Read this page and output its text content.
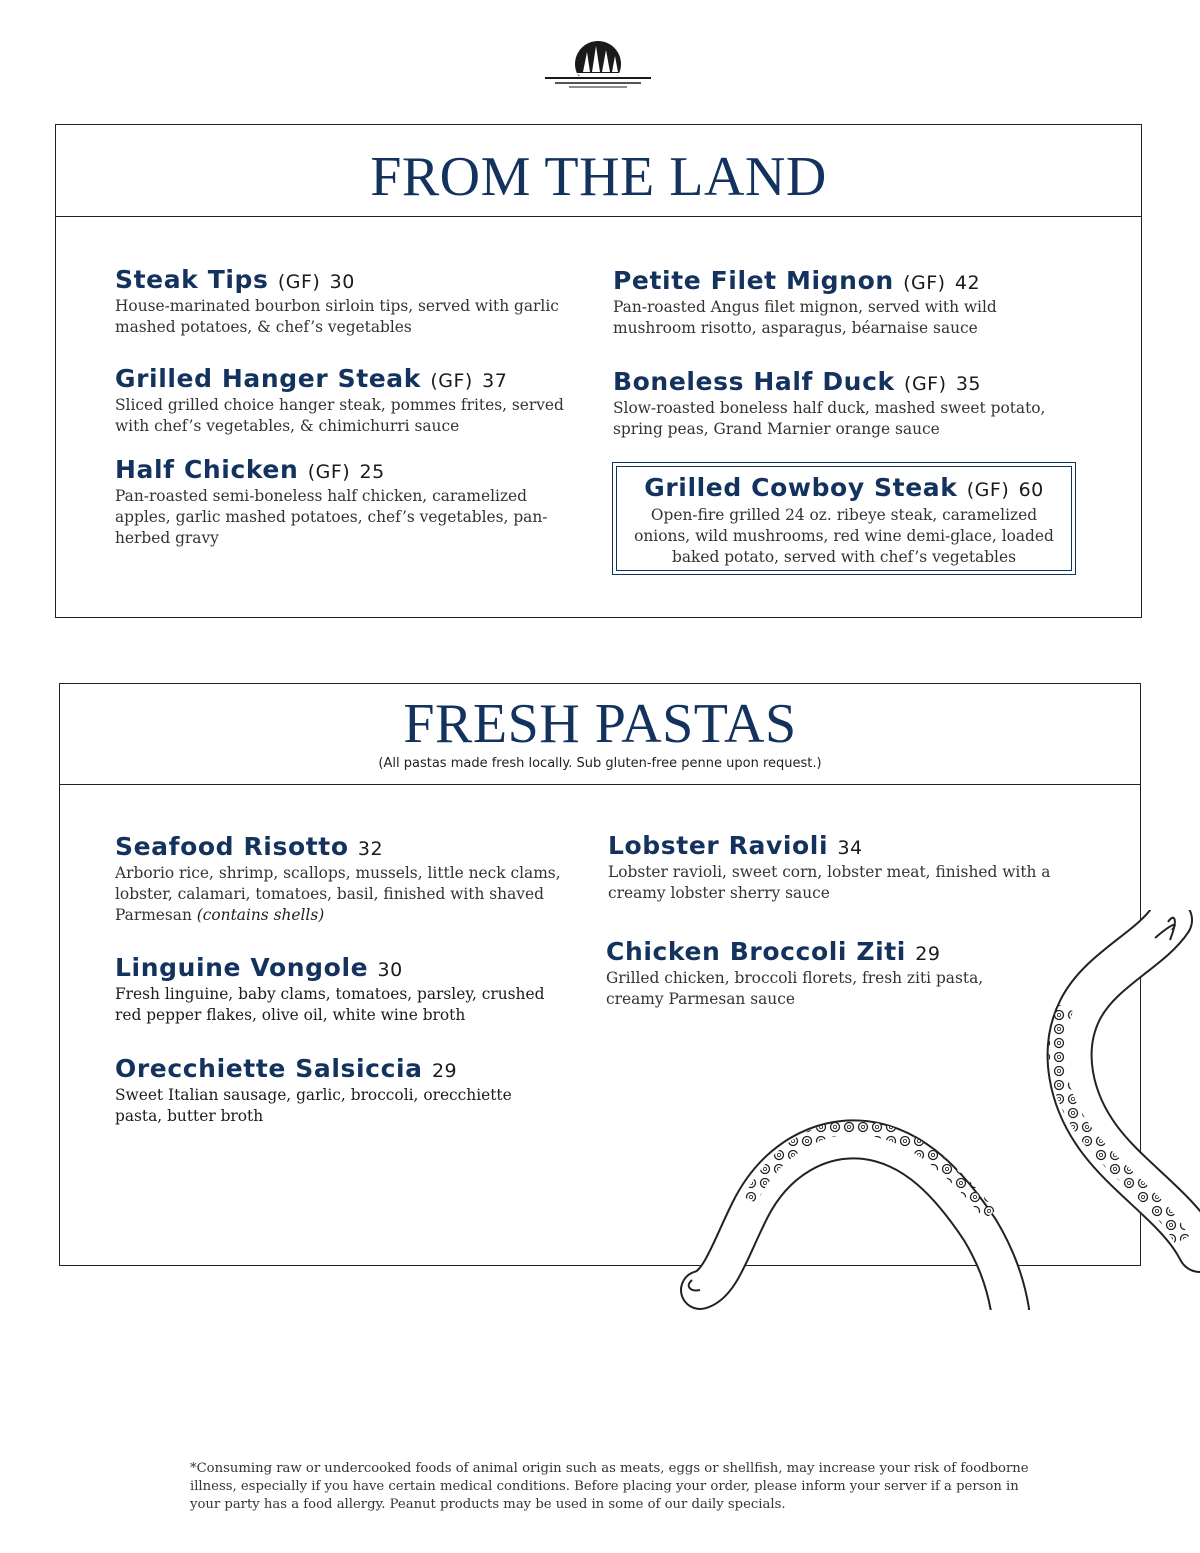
FROM THE LAND
Steak Tips (GF) 30
House-marinated bourbon sirloin tips, served with garlic mashed potatoes, & chef’s vegetables
Grilled Hanger Steak (GF) 37
Sliced grilled choice hanger steak, pommes frites, served with chef’s vegetables, & chimichurri sauce
Half Chicken (GF) 25
Pan-roasted semi-boneless half chicken, caramelized apples, garlic mashed potatoes, chef’s vegetables, pan-herbed gravy
Petite Filet Mignon (GF) 42
Pan-roasted Angus filet mignon, served with wild mushroom risotto, asparagus, béarnaise sauce
Boneless Half Duck (GF) 35
Slow-roasted boneless half duck, mashed sweet potato, spring peas, Grand Marnier orange sauce
Grilled Cowboy Steak (GF) 60
Open-fire grilled 24 oz. ribeye steak, caramelized onions, wild mushrooms, red wine demi-glace, loaded baked potato, served with chef’s vegetables
FRESH PASTAS
(All pastas made fresh locally. Sub gluten-free penne upon request.)
Seafood Risotto 32
Arborio rice, shrimp, scallops, mussels, little neck clams, lobster, calamari, tomatoes, basil, finished with shaved Parmesan (contains shells)
Linguine Vongole 30
Fresh linguine, baby clams, tomatoes, parsley, crushed red pepper flakes, olive oil, white wine broth
Orecchiette Salsiccia 29
Sweet Italian sausage, garlic, broccoli, orecchiette pasta, butter broth
Lobster Ravioli 34
Lobster ravioli, sweet corn, lobster meat, finished with a creamy lobster sherry sauce
Chicken Broccoli Ziti 29
Grilled chicken, broccoli florets, fresh ziti pasta, creamy Parmesan sauce
*Consuming raw or undercooked foods of animal origin such as meats, eggs or shellfish, may increase your risk of foodborne illness, especially if you have certain medical conditions. Before placing your order, please inform your server if a person in your party has a food allergy. Peanut products may be used in some of our daily specials.
